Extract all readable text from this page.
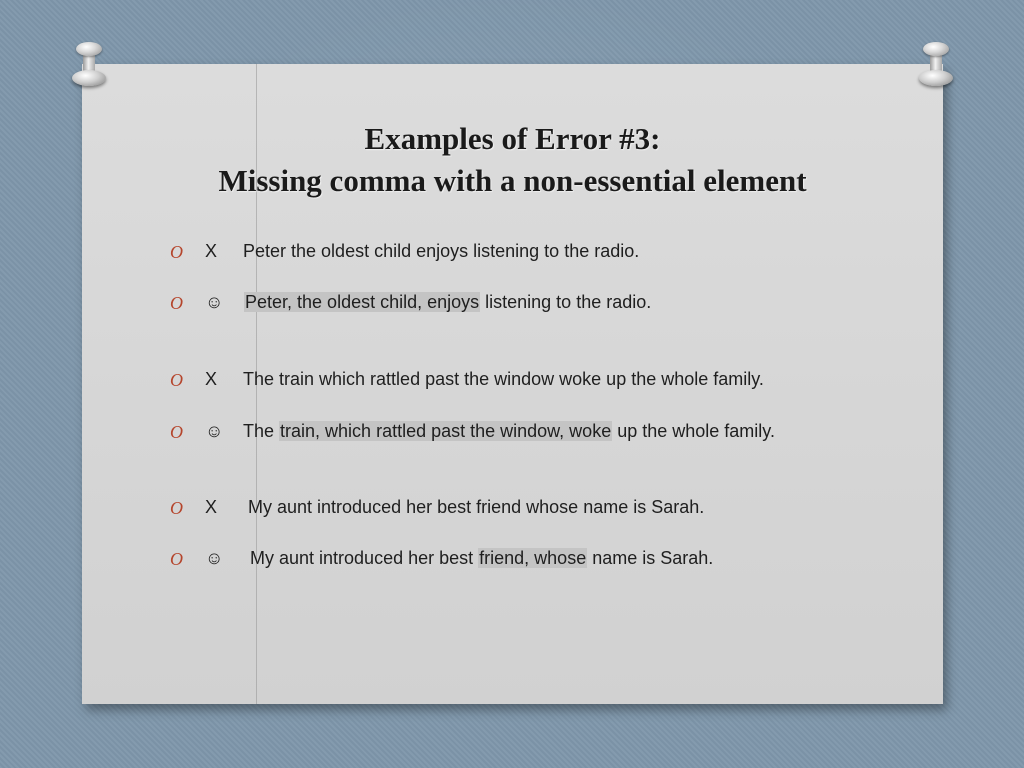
Examples of Error #3:
Missing comma with a non-essential element
O X Peter the oldest child enjoys listening to the radio.
O ☺ Peter, the oldest child, enjoys listening to the radio.
O X The train which rattled past the window woke up the whole family.
O ☺ The train, which rattled past the window, woke up the whole family.
O X My aunt introduced her best friend whose name is Sarah.
O ☺ My aunt introduced her best friend, whose name is Sarah.
